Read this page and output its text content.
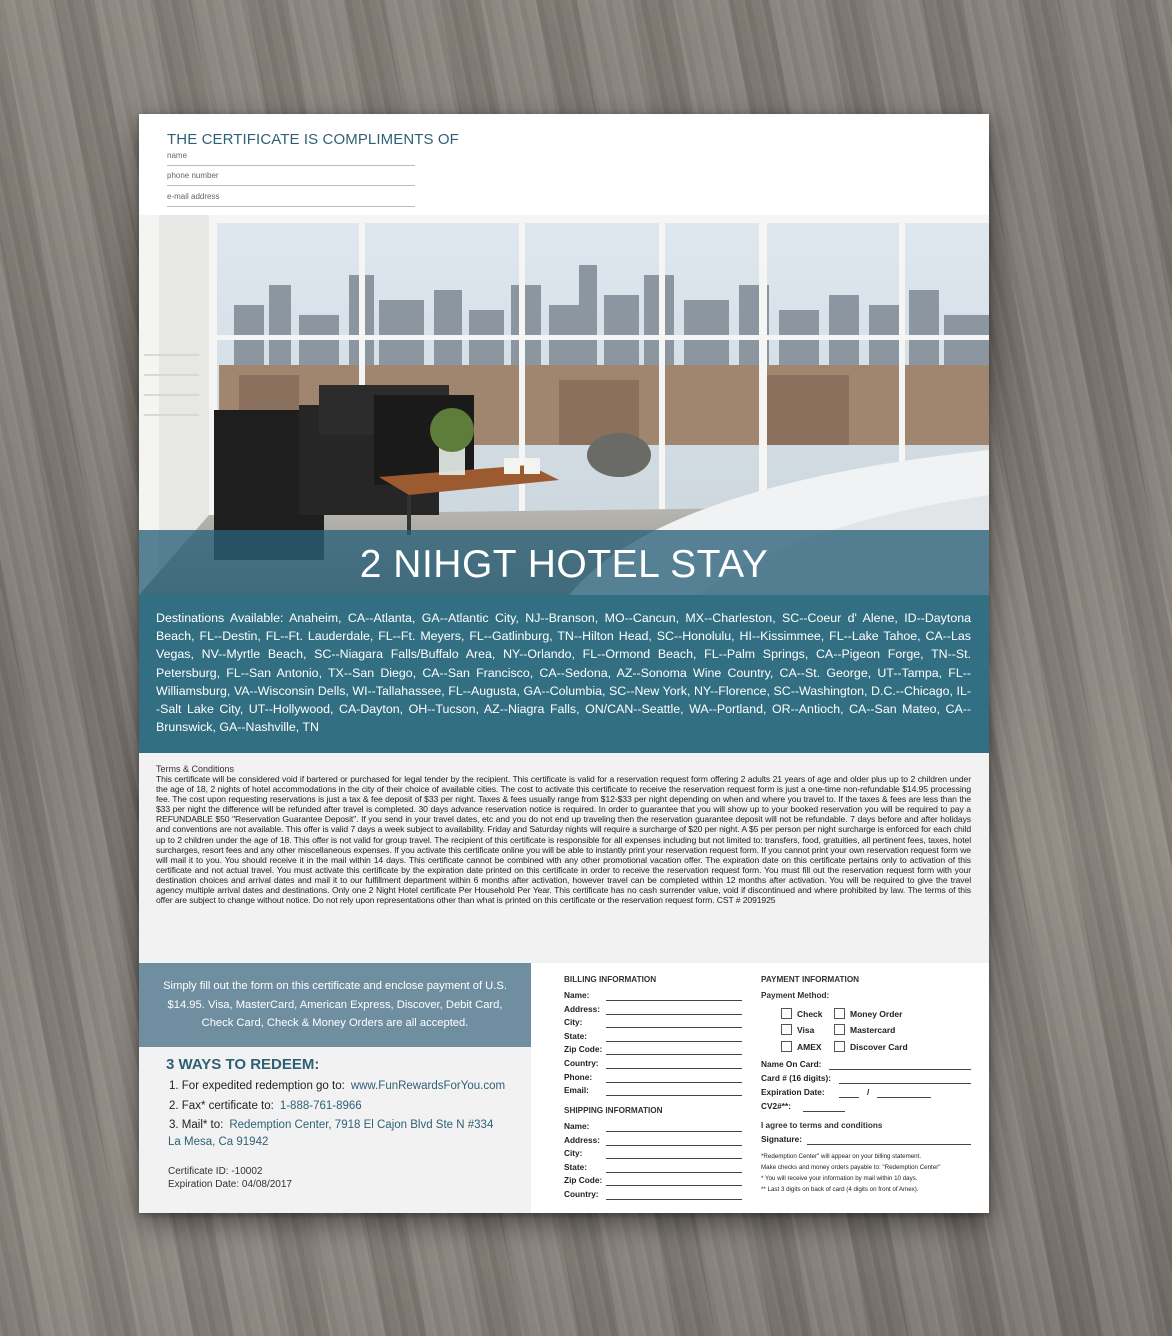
THE CERTIFICATE IS COMPLIMENTS OF
name
phone number
e-mail address
2 NIHGT HOTEL STAY

Destinations Available: Anaheim, CA--Atlanta, GA--Atlantic City, NJ--Branson, MO--Cancun, MX--Charleston, SC--Coeur d' Alene, ID--Daytona Beach, FL--Destin, FL--Ft. Lauderdale, FL--Ft. Meyers, FL--Gatlinburg, TN--Hilton Head, SC--Honolulu, HI--Kissimmee, FL--Lake Tahoe, CA--Las Vegas, NV--Myrtle Beach, SC--Niagara Falls/Buffalo Area, NY--Orlando, FL--Ormond Beach, FL--Palm Springs, CA--Pigeon Forge, TN--St. Petersburg, FL--San Antonio, TX--San Diego, CA--San Francisco, CA--Sedona, AZ--Sonoma Wine Country, CA--St. George, UT--Tampa, FL--Williamsburg, VA--Wisconsin Dells, WI--Tallahassee, FL--Augusta, GA--Columbia, SC--New York, NY--Florence, SC--Washington, D.C.--Chicago, IL--Salt Lake City, UT--Hollywood, CA-Dayton, OH--Tucson, AZ--Niagra Falls, ON/CAN--Seattle, WA--Portland, OR--Antioch, CA--San Mateo, CA--Brunswick, GA--Nashville, TN

Terms & Conditions

This certificate will be considered void if bartered or purchased for legal tender by the recipient. This certificate is valid for a reservation request form offering 2 adults 21 years of age and older plus up to 2 children under the age of 18, 2 nights of hotel accommodations in the city of their choice of available cities. The cost to activate this certificate to receive the reservation request form is just a one-time non-refundable $14.95 processing fee. The cost upon requesting reservations is just a tax & fee deposit of $33 per night. Taxes & fees usually range from $12-$33 per night depending on when and where you travel to. If the taxes & fees are less than the $33 per night the difference will be refunded after travel is completed. 30 days advance reservation notice is required. In order to guarantee that you will show up to your booked reservation you will be required to pay a REFUNDABLE $50 "Reservation Guarantee Deposit". If you send in your travel dates, etc and you do not end up traveling then the reservation guarantee deposit will not be refundable. 7 days before and after holidays and conventions are not available. This offer is valid 7 days a week subject to availability. Friday and Saturday nights will require a surcharge of $20 per night. A $5 per person per night surcharge is enforced for each child up to 2 children under the age of 18. This offer is not valid for group travel. The recipient of this certificate is responsible for all expenses including but not limited to: transfers, food, gratuities, all pertinent fees, taxes, hotel surcharges, resort fees and any other miscellaneous expenses. If you activate this certificate online you will be able to instantly print your reservation request form. If you cannot print your own reservation request form we will mail it to you. You should receive it in the mail within 14 days. This certificate cannot be combined with any other promotional vacation offer. The expiration date on this certificate pertains only to activation of this certificate and not actual travel. You must activate this certificate by the expiration date printed on this certificate in order to receive the reservation request form. You must fill out the reservation request form with your destination choices and arrival dates and mail it to our fulfillment department within 6 months after activation, however travel can be completed within 12 months after activation. You will be required to give the travel agency multiple arrival dates and destinations. Only one 2 Night Hotel certificate Per Household Per Year. This certificate has no cash surrender value, void if discontinued and where prohibited by law. The terms of this offer are subject to change without notice. Do not rely upon representations other than what is printed on this certificate or the reservation request form. CST # 2091925

Simply fill out the form on this certificate and enclose payment of U.S. $14.95. Visa, MasterCard, American Express, Discover, Debit Card, Check Card, Check & Money Orders are all accepted.

3 WAYS TO REDEEM:
1. For expedited redemption go to: www.FunRewardsForYou.com
2. Fax* certificate to: 1-888-761-8966
3. Mail* to: Redemption Center, 7918 El Cajon Blvd Ste N #334
La Mesa, Ca 91942
Certificate ID: -10002
Expiration Date: 04/08/2017
BILLING INFORMATION
Name:
Address:
City:
State:
Zip Code:
Country:
Phone:
Email:
SHIPPING INFORMATION
Name:
Address:
City:
State:
Zip Code:
Country:
PAYMENT INFORMATION
Payment Method:
Check	Money Order
Visa	Mastercard
AMEX	Discover Card
Name On Card:
Card # (16 digits):
Expiration Date:	/
CV2#**:
I agree to terms and conditions
Signature:
*Redemption Center" will appear on your billing statement.
Make checks and money orders payable to: "Redemption Center"
* You will receive your information by mail within 10 days.
** Last 3 digits on back of card (4 digits on front of Amex).
